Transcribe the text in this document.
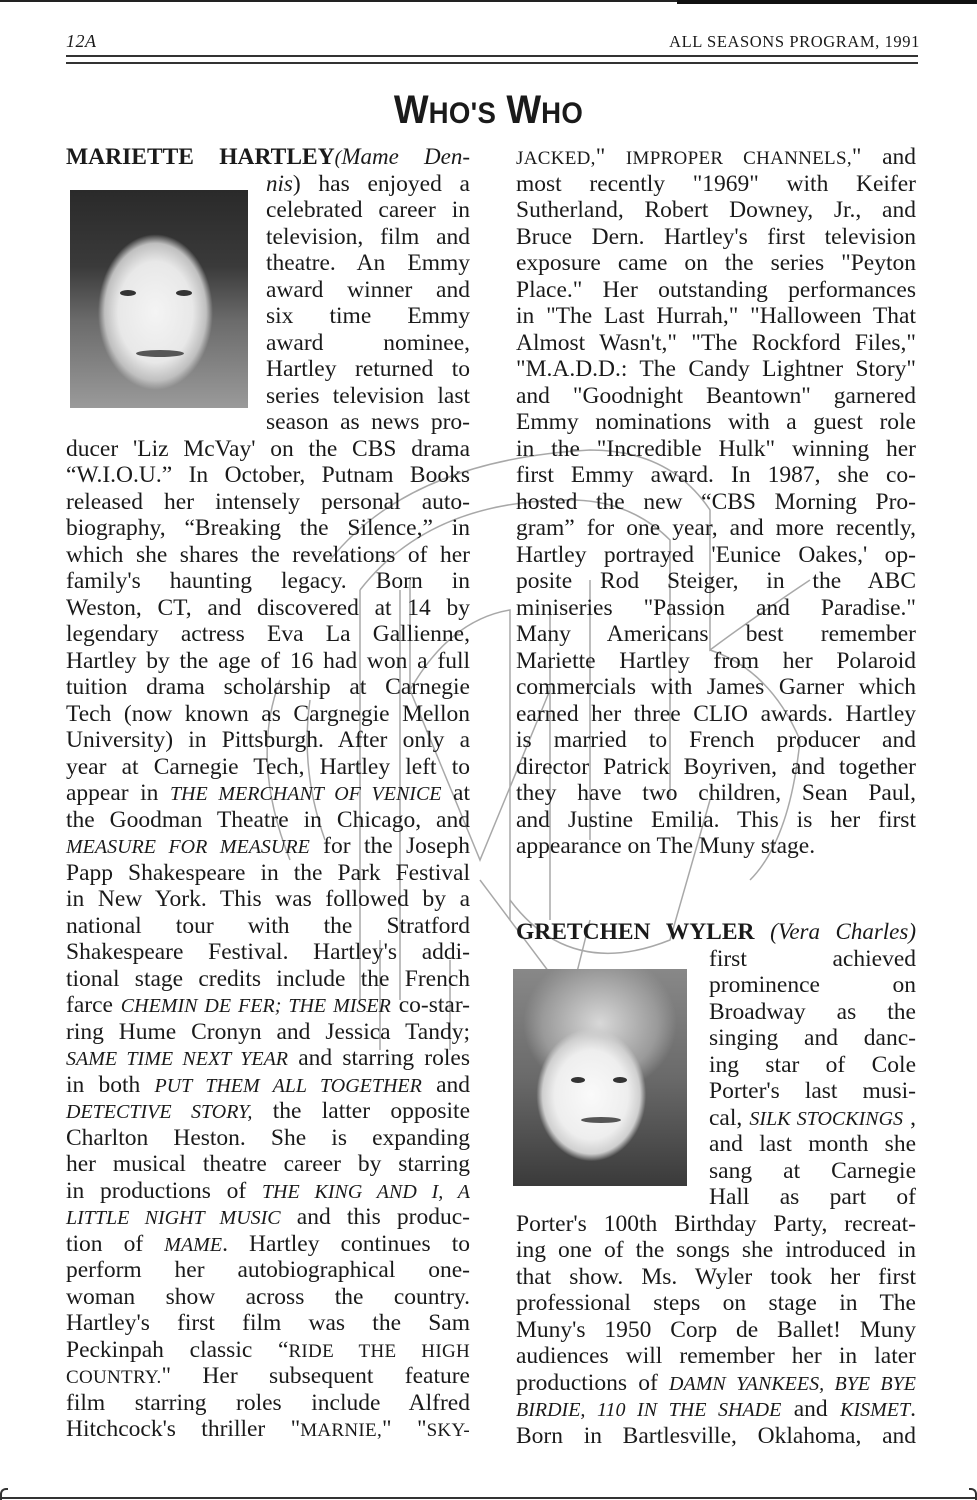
12A	ALL SEASONS PROGRAM, 1991
WHO'S WHO
MARIETTE HARTLEY(Mame Den-
nis) has enjoyed a
celebrated career in
television, film and
theatre. An Emmy
award winner and
six time Emmy
award nominee,
Hartley returned to
series television last
season as news pro-
ducer 'Liz McVay' on the CBS drama
“W.I.O.U.” In October, Putnam Books
released her intensely personal auto-
biography, “Breaking the Silence,” in
which she shares the revelations of her
family's haunting legacy. Born in
Weston, CT, and discovered at 14 by
legendary actress Eva La Gallienne,
Hartley by the age of 16 had won a full
tuition drama scholarship at Carnegie
Tech (now known as Cargnegie Mellon
University) in Pittsburgh. After only a
year at Carnegie Tech, Hartley left to
appear in THE MERCHANT OF VENICE at
the Goodman Theatre in Chicago, and
MEASURE FOR MEASURE for the Joseph
Papp Shakespeare in the Park Festival
in New York. This was followed by a
national tour with the Stratford
Shakespeare Festival. Hartley's addi-
tional stage credits include the French
farce CHEMIN DE FER; THE MISER co-star-
ring Hume Cronyn and Jessica Tandy;
SAME TIME NEXT YEAR and starring roles
in both PUT THEM ALL TOGETHER and
DETECTIVE STORY, the latter opposite
Charlton Heston. She is expanding
her musical theatre career by starring
in productions of THE KING AND I, A
LITTLE NIGHT MUSIC and this produc-
tion of MAME. Hartley continues to
perform her autobiographical one-
woman show across the country.
Hartley's first film was the Sam
Peckinpah classic “RIDE THE HIGH
COUNTRY." Her subsequent feature
film starring roles include Alfred
Hitchcock's thriller "MARNIE," "SKY-
JACKED," IMPROPER CHANNELS," and
most recently "1969" with Keifer
Sutherland, Robert Downey, Jr., and
Bruce Dern. Hartley's first television
exposure came on the series "Peyton
Place." Her outstanding performances
in "The Last Hurrah," "Halloween That
Almost Wasn't," "The Rockford Files,"
"M.A.D.D.: The Candy Lightner Story"
and "Goodnight Beantown" garnered
Emmy nominations with a guest role
in the "Incredible Hulk" winning her
first Emmy award. In 1987, she co-
hosted the new “CBS Morning Pro-
gram” for one year, and more recently,
Hartley portrayed 'Eunice Oakes,' op-
posite Rod Steiger, in the ABC
miniseries "Passion and Paradise."
Many Americans best remember
Mariette Hartley from her Polaroid
commercials with James Garner which
earned her three CLIO awards. Hartley
is married to French producer and
director Patrick Boyriven, and together
they have two children, Sean Paul,
and Justine Emilia. This is her first
appearance on The Muny stage.
GRETCHEN WYLER (Vera Charles)
first achieved
prominence on
Broadway as the
singing and danc-
ing star of Cole
Porter's last musi-
cal, SILK STOCKINGS ,
and last month she
sang at Carnegie
Hall as part of
Porter's 100th Birthday Party, recreat-
ing one of the songs she introduced in
that show. Ms. Wyler took her first
professional steps on stage in The
Muny's 1950 Corp de Ballet! Muny
audiences will remember her in later
productions of DAMN YANKEES, BYE BYE
BIRDIE, 110 IN THE SHADE and KISMET.
Born in Bartlesville, Oklahoma, and
